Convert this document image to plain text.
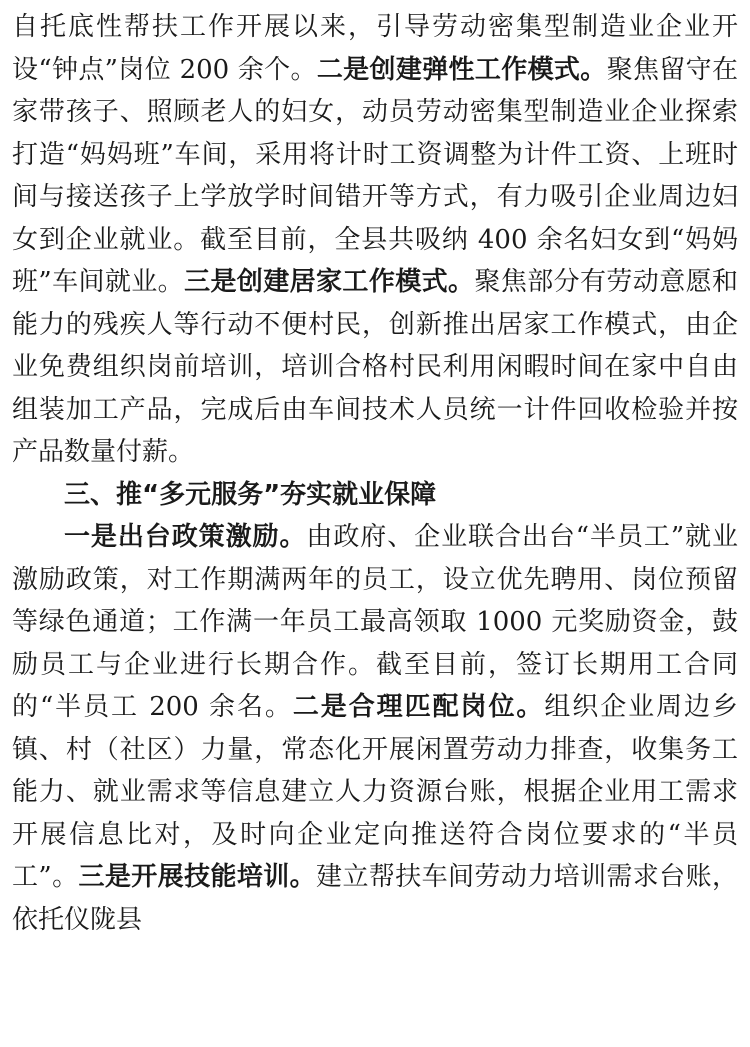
自托底性帮扶工作开展以来，引导劳动密集型制造业企业开设“钟点”岗位 200 余个。二是创建弹性工作模式。聚焦留守在家带孩子、照顾老人的妇女，动员劳动密集型制造业企业探索打造“妈妈班”车间，采用将计时工资调整为计件工资、上班时间与接送孩子上学放学时间错开等方式，有力吸引企业周边妇女到企业就业。截至目前，全县共吸纳 400 余名妇女到“妈妈班”车间就业。三是创建居家工作模式。聚焦部分有劳动意愿和能力的残疾人等行动不便村民，创新推出居家工作模式，由企业免费组织岗前培训，培训合格村民利用闲暇时间在家中自由组装加工产品，完成后由车间技术人员统一计件回收检验并按产品数量付薪。

三、推“多元服务”夯实就业保障

一是出台政策激励。由政府、企业联合出台“半员工”就业激励政策，对工作期满两年的员工，设立优先聘用、岗位预留等绿色通道；工作满一年员工最高领取 1000 元奖励资金，鼓励员工与企业进行长期合作。截至目前，签订长期用工合同的“半员工 200 余名。二是合理匹配岗位。组织企业周边乡镇、村（社区）力量，常态化开展闲置劳动力排查，收集务工能力、就业需求等信息建立人力资源台账，根据企业用工需求开展信息比对，及时向企业定向推送符合岗位要求的“半员工”。三是开展技能培训。建立帮扶车间劳动力培训需求台账，依托仪陇县
